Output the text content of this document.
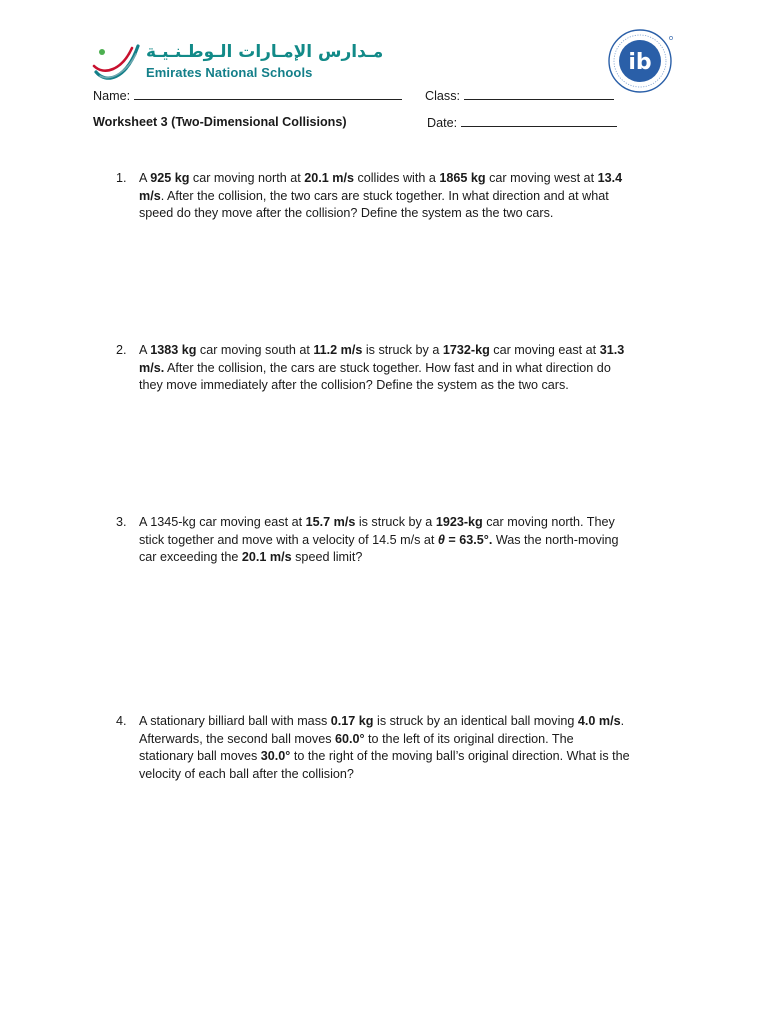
مـدارس الإمـارات الـوطـنـيـة
Emirates National Schools	ib
Name:	Class:
Worksheet 3 (Two-Dimensional Collisions)	Date:
1. A 925 kg car moving north at 20.1 m/s collides with a 1865 kg car moving west at 13.4
m/s. After the collision, the two cars are stuck together. In what direction and at what
speed do they move after the collision? Define the system as the two cars.
2. A 1383 kg car moving south at 11.2 m/s is struck by a 1732-kg car moving east at 31.3
m/s. After the collision, the cars are stuck together. How fast and in what direction do
they move immediately after the collision? Define the system as the two cars.
3. A 1345-kg car moving east at 15.7 m/s is struck by a 1923-kg car moving north. They
stick together and move with a velocity of 14.5 m/s at θ = 63.5°. Was the north-moving
car exceeding the 20.1 m/s speed limit?
4. A stationary billiard ball with mass 0.17 kg is struck by an identical ball moving 4.0 m/s.
Afterwards, the second ball moves 60.0° to the left of its original direction. The
stationary ball moves 30.0° to the right of the moving ball’s original direction. What is the
velocity of each ball after the collision?
